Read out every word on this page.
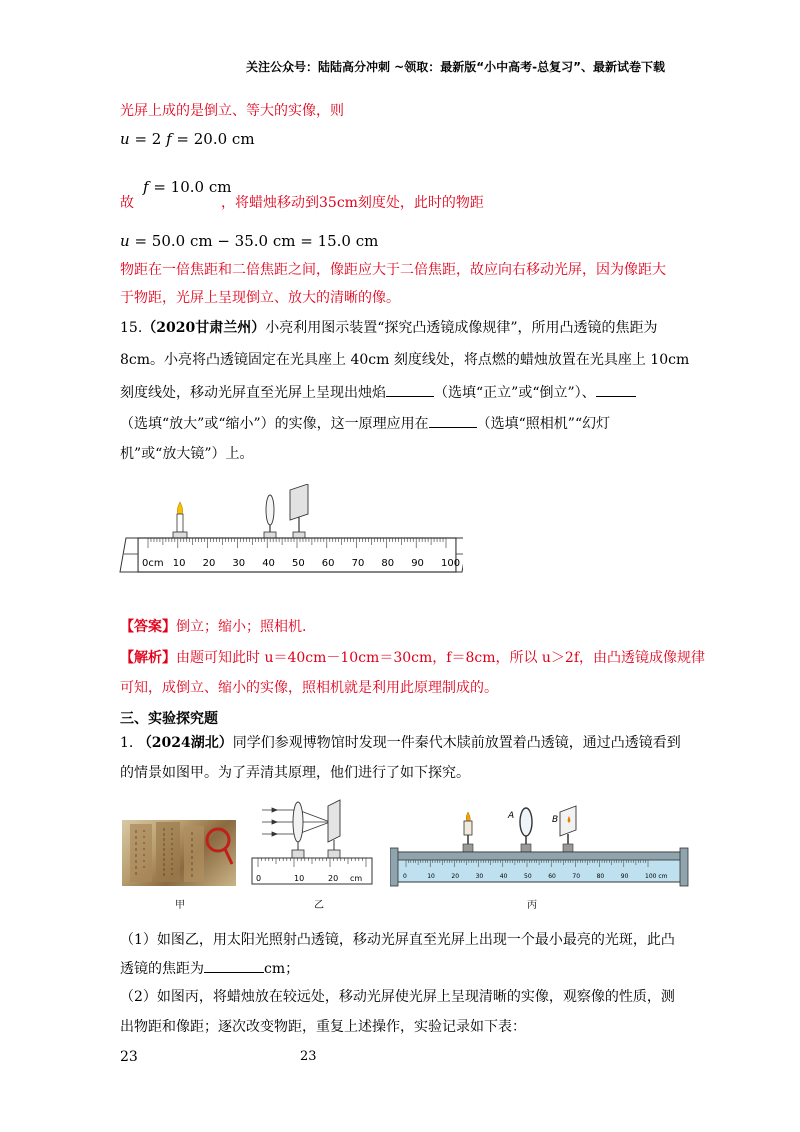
关注公众号：陆陆高分冲刺 ~领取：最新版“小中高考-总复习”、最新试卷下载
光屏上成的是倒立、等大的实像，则
u = 2 f = 20.0 cm
故
f = 10.0 cm
，将蜡烛移动到35cm刻度处，此时的物距
u = 50.0 cm − 35.0 cm = 15.0 cm
物距在一倍焦距和二倍焦距之间，像距应大于二倍焦距，故应向右移动光屏，因为像距大
于物距，光屏上呈现倒立、放大的清晰的像。
15.（2020甘肃兰州）小亮利用图示装置“探究凸透镜成像规律”，所用凸透镜的焦距为
8cm。小亮将凸透镜固定在光具座上 40cm 刻度线处，将点燃的蜡烛放置在光具座上 10cm
刻度线处，移动光屏直至光屏上呈现出烛焰	（选填“正立”或“倒立”）、
（选填“放大”或“缩小”）的实像，这一原理应用在	（选填“照相机”“幻灯
机”或“放大镜”）上。
0cm 10 20 30 40 50 60 70 80 90 100
【答案】倒立；缩小；照相机.
【解析】由题可知此时 u＝40cm－10cm＝30cm，f＝8cm，所以 u＞2f，由凸透镜成像规律
可知，成倒立、缩小的实像，照相机就是利用此原理制成的。
三、实验探究题
1. （2024湖北）同学们参观博物馆时发现一件秦代木牍前放置着凸透镜，通过凸透镜看到
的情景如图甲。为了弄清其原理，他们进行了如下探究。
甲
0	10	20 cm
乙
A	B
0	10	20	30	40	50	60	70	80	90	100 cm
丙
（1）如图乙，用太阳光照射凸透镜，移动光屏直至光屏上出现一个最小最亮的光斑，此凸
透镜的焦距为	cm；
（2）如图丙，将蜡烛放在较远处，移动光屏使光屏上呈现清晰的实像，观察像的性质，测
出物距和像距；逐次改变物距，重复上述操作，实验记录如下表：
23	23
